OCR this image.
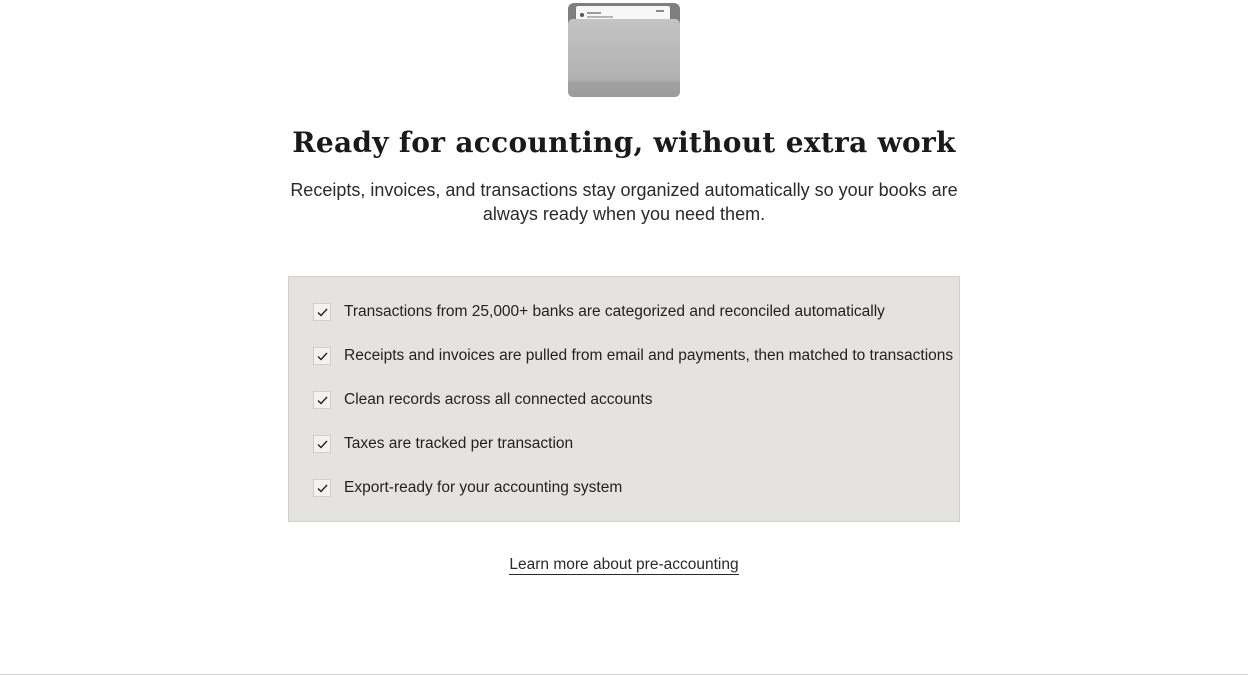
Ready for accounting, without extra work

Receipts, invoices, and transactions stay organized automatically so your books are always ready when you need them.

Transactions from 25,000+ banks are categorized and reconciled automatically
Receipts and invoices are pulled from email and payments, then matched to transactions
Clean records across all connected accounts
Taxes are tracked per transaction
Export-ready for your accounting system
Learn more about pre-accounting
